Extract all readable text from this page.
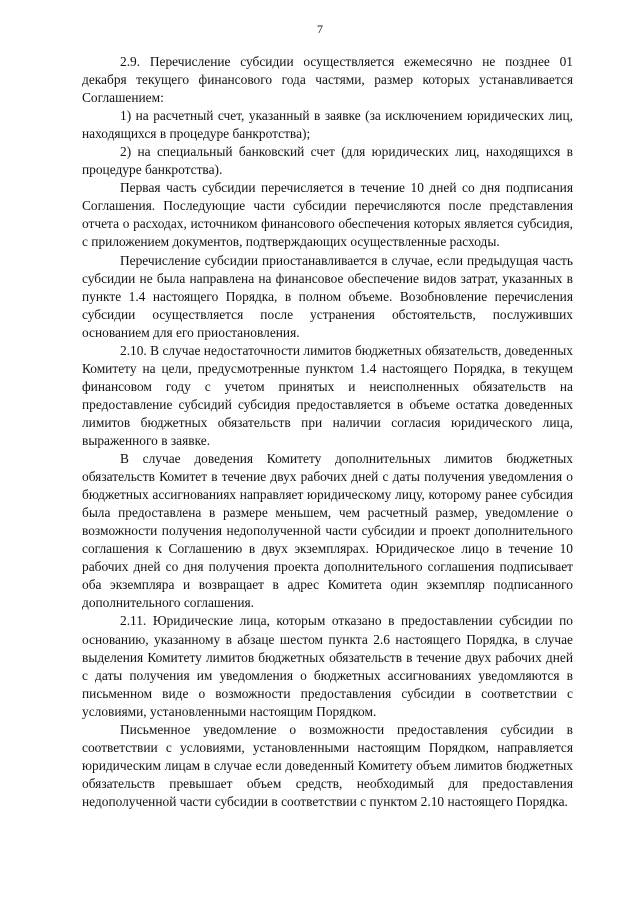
7

2.9. Перечисление субсидии осуществляется ежемесячно не позднее 01 декабря текущего финансового года частями, размер которых устанавливается Соглашением:

1) на расчетный счет, указанный в заявке (за исключением юридических лиц, находящихся в процедуре банкротства);

2) на специальный банковский счет (для юридических лиц, находящихся в процедуре банкротства).

Первая часть субсидии перечисляется в течение 10 дней со дня подписания Соглашения. Последующие части субсидии перечисляются после представления отчета о расходах, источником финансового обеспечения которых является субсидия, с приложением документов, подтверждающих осуществленные расходы.

Перечисление субсидии приостанавливается в случае, если предыдущая часть субсидии не была направлена на финансовое обеспечение видов затрат, указанных в пункте 1.4 настоящего Порядка, в полном объеме. Возобновление перечисления субсидии осуществляется после устранения обстоятельств, послуживших основанием для его приостановления.

2.10. В случае недостаточности лимитов бюджетных обязательств, доведенных Комитету на цели, предусмотренные пунктом 1.4 настоящего Порядка, в текущем финансовом году с учетом принятых и неисполненных обязательств на предоставление субсидий субсидия предоставляется в объеме остатка доведенных лимитов бюджетных обязательств при наличии согласия юридического лица, выраженного в заявке.

В случае доведения Комитету дополнительных лимитов бюджетных обязательств Комитет в течение двух рабочих дней с даты получения уведомления о бюджетных ассигнованиях направляет юридическому лицу, которому ранее субсидия была предоставлена в размере меньшем, чем расчетный размер, уведомление о возможности получения недополученной части субсидии и проект дополнительного соглашения к Соглашению в двух экземплярах. Юридическое лицо в течение 10 рабочих дней со дня получения проекта дополнительного соглашения подписывает оба экземпляра и возвращает в адрес Комитета один экземпляр подписанного дополнительного соглашения.

2.11. Юридические лица, которым отказано в предоставлении субсидии по основанию, указанному в абзаце шестом пункта 2.6 настоящего Порядка, в случае выделения Комитету лимитов бюджетных обязательств в течение двух рабочих дней с даты получения им уведомления о бюджетных ассигнованиях уведомляются в письменном виде о возможности предоставления субсидии в соответствии с условиями, установленными настоящим Порядком.

Письменное уведомление о возможности предоставления субсидии в соответствии с условиями, установленными настоящим Порядком, направляется юридическим лицам в случае если доведенный Комитету объем лимитов бюджетных обязательств превышает объем средств, необходимый для предоставления недополученной части субсидии в соответствии с пунктом 2.10 настоящего Порядка.
